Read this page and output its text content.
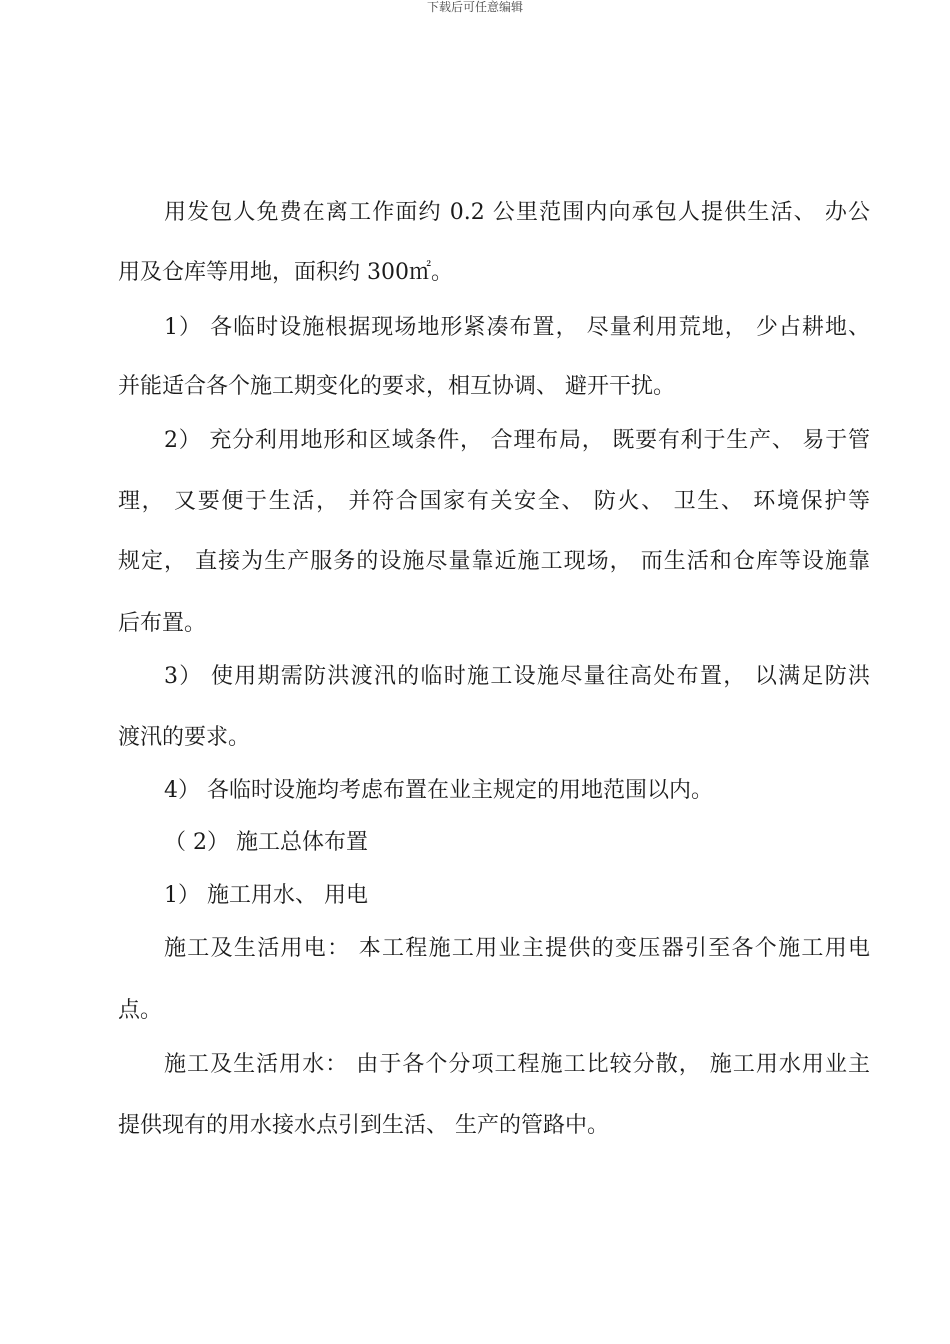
下载后可任意编辑
用发包人免费在离工作面约 0.2 公里范围内向承包人提供生活、 办公
用及仓库等用地，面积约 300㎡。
1） 各临时设施根据现场地形紧凑布置， 尽量利用荒地， 少占耕地、
并能适合各个施工期变化的要求，相互协调、 避开干扰。
2） 充分利用地形和区域条件， 合理布局， 既要有利于生产、 易于管
理， 又要便于生活， 并符合国家有关安全、 防火、 卫生、 环境保护等
规定， 直接为生产服务的设施尽量靠近施工现场， 而生活和仓库等设施靠
后布置。
3） 使用期需防洪渡汛的临时施工设施尽量往高处布置， 以满足防洪
渡汛的要求。
4） 各临时设施均考虑布置在业主规定的用地范围以内。
（ 2） 施工总体布置
1） 施工用水、 用电
施工及生活用电： 本工程施工用业主提供的变压器引至各个施工用电
点。
施工及生活用水： 由于各个分项工程施工比较分散， 施工用水用业主
提供现有的用水接水点引到生活、 生产的管路中。
